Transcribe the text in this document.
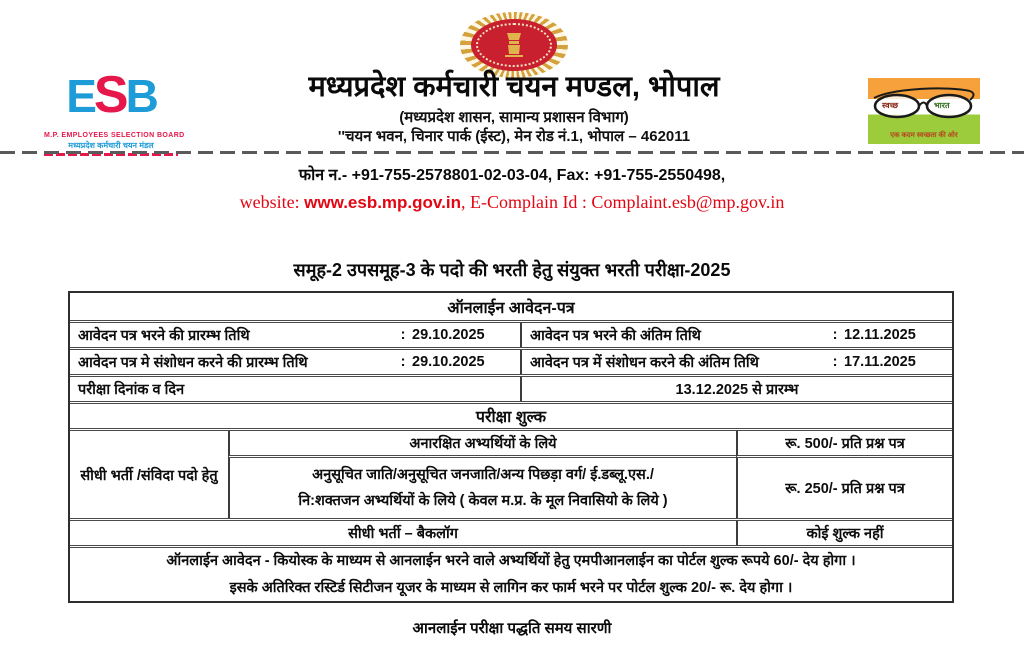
ESB
M.P. EMPLOYEES SELECTION BOARD
मध्यप्रदेश कर्मचारी चयन मंडल
मध्यप्रदेश कर्मचारी चयन मण्डल, भोपाल
(मध्यप्रदेश शासन, सामान्य प्रशासन विभाग)
''चयन भवन, चिनार पार्क (ईस्ट), मेन रोड नं.1, भोपाल – 462011
स्वच्छ	भारत
एक कदम स्वच्छता की ओर
फोन न.- +91-755-2578801-02-03-04, Fax: +91-755-2550498,
website: www.esb.mp.gov.in, E-Complain Id : Complaint.esb@mp.gov.in
समूह-2 उपसमूह-3 के पदो की भरती हेतु संयुक्त भरती परीक्षा-2025
ऑनलाईन आवेदन-पत्र
आवेदन पत्र भरने की प्रारम्भ तिथि	: 29.10.2025	आवेदन पत्र भरने की अंतिम तिथि	: 12.11.2025
आवेदन पत्र मे संशोधन करने की प्रारम्भ तिथि	: 29.10.2025	आवेदन पत्र में संशोधन करने की अंतिम तिथि	: 17.11.2025
परीक्षा दिनांक व दिन	13.12.2025 से प्रारम्भ
परीक्षा शुल्क
सीधी भर्ती /संविदा पदो हेतु
अनारक्षित अभ्यर्थियों के लिये	रू. 500/- प्रति प्रश्न पत्र
अनुसूचित जाति/अनुसूचित जनजाति/अन्य पिछड़ा वर्ग/ ई.डब्लू.एस./
नि:शक्तजन अभ्यर्थियों के लिये ( केवल म.प्र. के मूल निवासियो के लिये )
रू. 250/- प्रति प्रश्न पत्र
सीधी भर्ती – बैकलॉग	कोई शुल्क नहीं
ऑनलाईन आवेदन - कियोस्क के माध्यम से आनलाईन भरने वाले अभ्यर्थियों हेतु एमपीआनलाईन का पोर्टल शुल्क रूपये 60/- देय होगा ।
इसके अतिरिक्त रस्टिर्ड सिटीजन यूजर के माध्यम से लागिन कर फार्म भरने पर पोर्टल शुल्क 20/- रू. देय होगा ।
आनलाईन परीक्षा पद्धति समय सारणी
